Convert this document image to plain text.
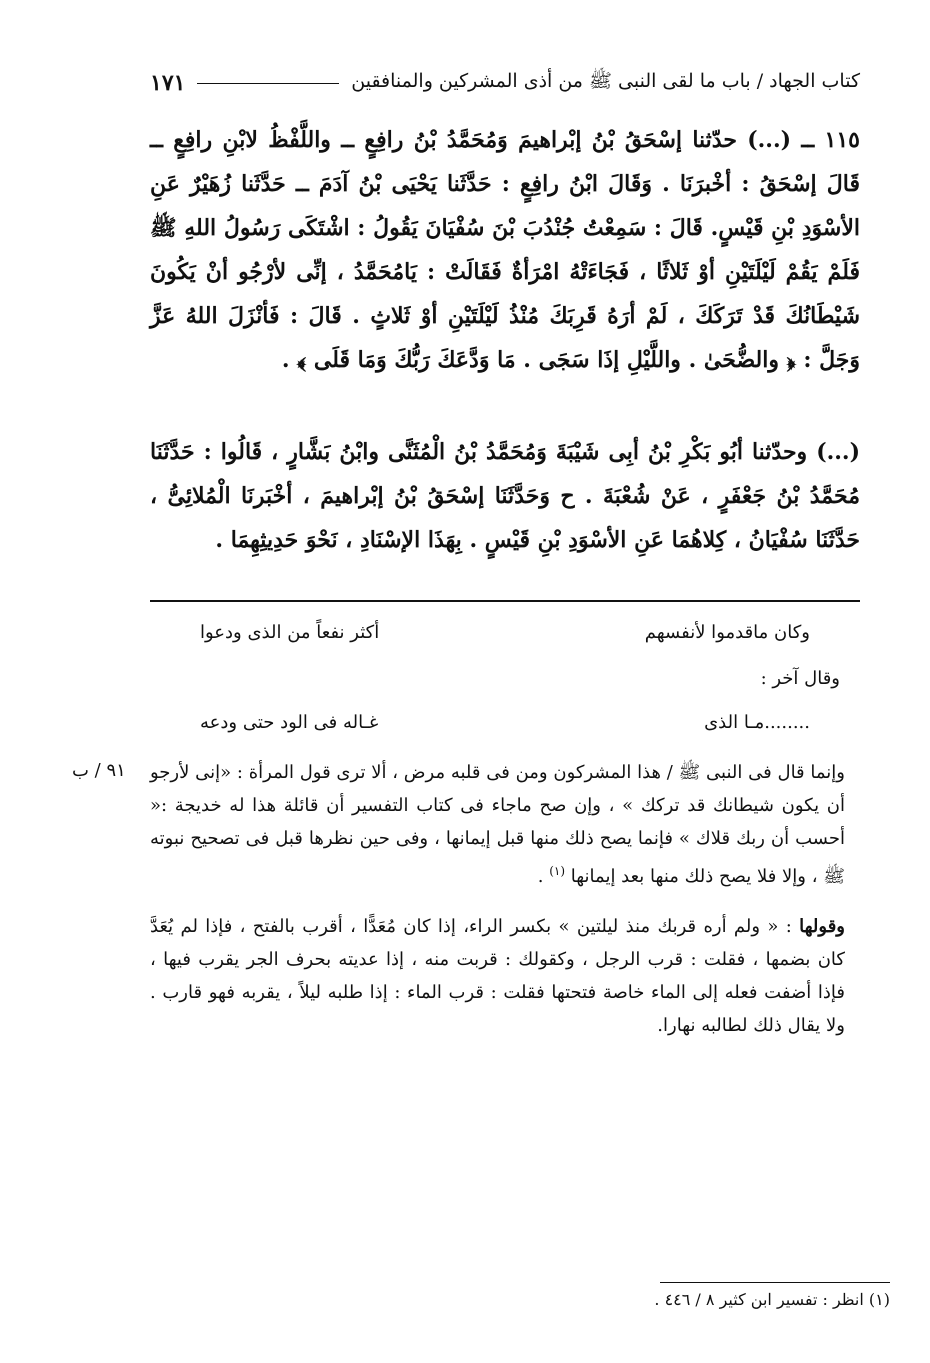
كتاب الجهاد / باب ما لقى النبى ﷺ من أذى المشركين والمنافقين
١٧١

١١٥ ــ (...) حدّثنا إسْحَقُ بْنُ إبْراهيمَ وَمُحَمَّدُ بْنُ رافِعٍ ــ واللَّفْظُ لابْنِ رافِعٍ ــ قَالَ إسْحَقُ : أخْبرَنَا . وَقَالَ ابْنُ رافِعٍ : حَدَّثَنا يَحْيَى بْنُ آدَمَ ــ حَدَّثَنا زُهَيْرٌ عَنِ الأسْوَدِ بْنِ قَيْسٍ. قَالَ : سَمِعْتُ جُنْدُبَ بْنَ سُفْيَانَ يَقُولُ : اشْتَكَى رَسُولُ اللهِ ﷺ فَلَمْ يَقُمْ لَيْلَتَيْنِ أوْ ثَلاثًا ، فَجَاءَتْهُ امْرَأةٌ فَقَالَتْ : يَامُحَمَّدُ ، إنِّى لأرْجُو أنْ يَكُونَ شَيْطَانُكَ قَدْ تَرَكَكَ ، لَمْ أرَهُ قَرِبَكَ مُنْذُ لَيْلَتَيْنِ أوْ ثَلاثٍ . قَالَ : فَأنْزَلَ اللهُ عَزَّ وَجَلَّ : ﴿ والضُّحَىٰ . واللَّيْلِ إذَا سَجَى . مَا وَدَّعَكَ رَبُّكَ وَمَا قَلَى ﴾ .

(...) وحدّثنا أبُو بَكْرِ بْنُ أبِى شَيْبَةَ وَمُحَمَّدُ بْنُ الْمُثَنَّى وابْنُ بَشَّارٍ ، قَالُوا : حَدَّثَنَا مُحَمَّدُ بْنُ جَعْفَرٍ ، عَنْ شُعْبَةَ . ح وَحَدَّثَنَا إسْحَقُ بْنُ إبْراهيمَ ، أخْبَرنَا الْمُلائِىُّ ، حَدَّثَنَا سُفْيَانُ ، كِلاهُمَا عَنِ الأسْوَدِ بْنِ قَيْسٍ . بِهَذَا الإسْنَادِ ، نَحْوَ حَدِيثِهِمَا .

وكان ماقدموا لأنفسهم
أكثر نفعاً من الذى ودعوا
وقال آخر :
........مـا الذى
غـاله فى الود حتى ودعه
٩١ / ب وإنما قال فى النبى ﷺ / هذا المشركون ومن فى قلبه مرض ، ألا ترى قول المرأة : «إنى لأرجو أن يكون شيطانك قد تركك » ، وإن صح ماجاء فى كتاب التفسير أن قائلة هذا له خديجة :« أحسب أن ربك قلاك » فإنما يصح ذلك منها قبل إيمانها ، وفى حين نظرها قبل فى تصحيح نبوته ﷺ ، وإلا فلا يصح ذلك منها بعد إيمانها $^{(١)}$ .

وقولها : « ولم أره قربك منذ ليلتين » بكسر الراء، إذا كان مُعَدًّا ، أقرب بالفتح ، فإذا لم يُعَدَّ كان بضمها ، فقلت : قرب الرجل ، وكقولك : قربت منه ، إذا عديته بحرف الجر يقرب فيها ، فإذا أضفت فعله إلى الماء خاصة فتحتها فقلت : قرب الماء : إذا طلبه ليلاً ، يقربه فهو قارب . ولا يقال ذلك لطالبه نهارا.

(١) انظر : تفسير ابن كثير ٨ / ٤٤٦ .
